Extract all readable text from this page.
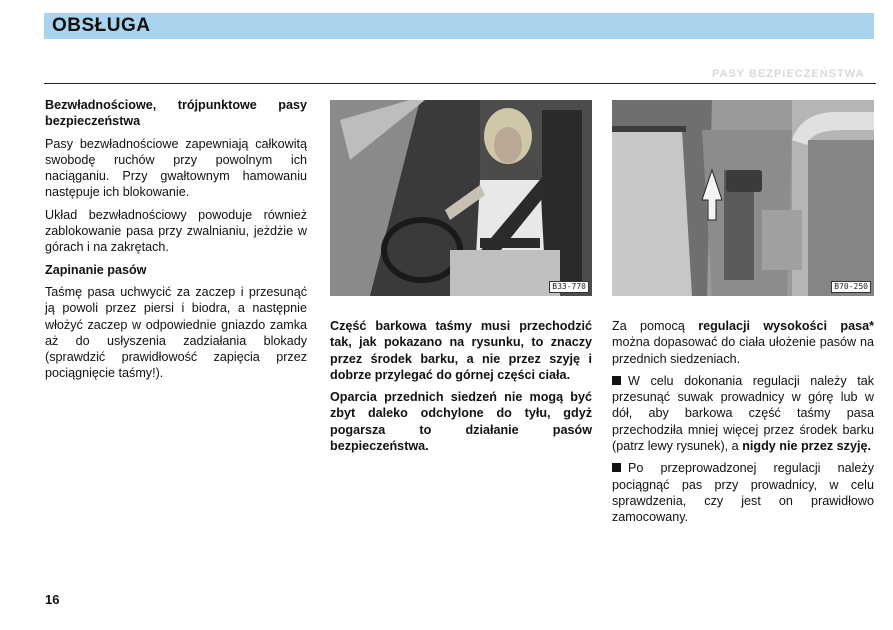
OBSŁUGA
PASY BEZPIECZEŃSTWA
Bezwładnościowe, trójpunktowe pasy bezpieczeństwa

Pasy bezwładnościowe zapewniają całkowitą swobodę ruchów przy powolnym ich naciąganiu. Przy gwałtownym hamowaniu następuje ich blokowanie.

Układ bezwładnościowy powoduje również zablokowanie pasa przy zwalnianiu, jeżdżie w górach i na zakrętach.

Zapinanie pasów

Taśmę pasa uchwycić za zaczep i przesunąć ją powoli przez piersi i biodra, a następnie włożyć zaczep w odpowiednie gniazdo zamka aż do usłyszenia zadziałania blokady (sprawdzić prawidłowość zapięcia przez pociągnięcie taśmy!).

B33-770	B70-250

Część barkowa taśmy musi przechodzić tak, jak pokazano na rysunku, to znaczy przez środek barku, a nie przez szyję i dobrze przylegać do górnej części ciała.

Oparcia przednich siedzeń nie mogą być zbyt daleko odchylone do tyłu, gdyż pogarsza to działanie pasów bezpieczeństwa.

Za pomocą regulacji wysokości pasa* można dopasować do ciała ułożenie pasów na przednich siedzeniach.

W celu dokonania regulacji należy tak przesunąć suwak prowadnicy w górę lub w dół, aby barkowa część taśmy pasa przechodziła mniej więcej przez środek barku (patrz lewy rysunek), a nigdy nie przez szyję.

Po przeprowadzonej regulacji należy pociągnąć pas przy prowadnicy, w celu sprawdzenia, czy jest on prawidłowo zamocowany.

16
